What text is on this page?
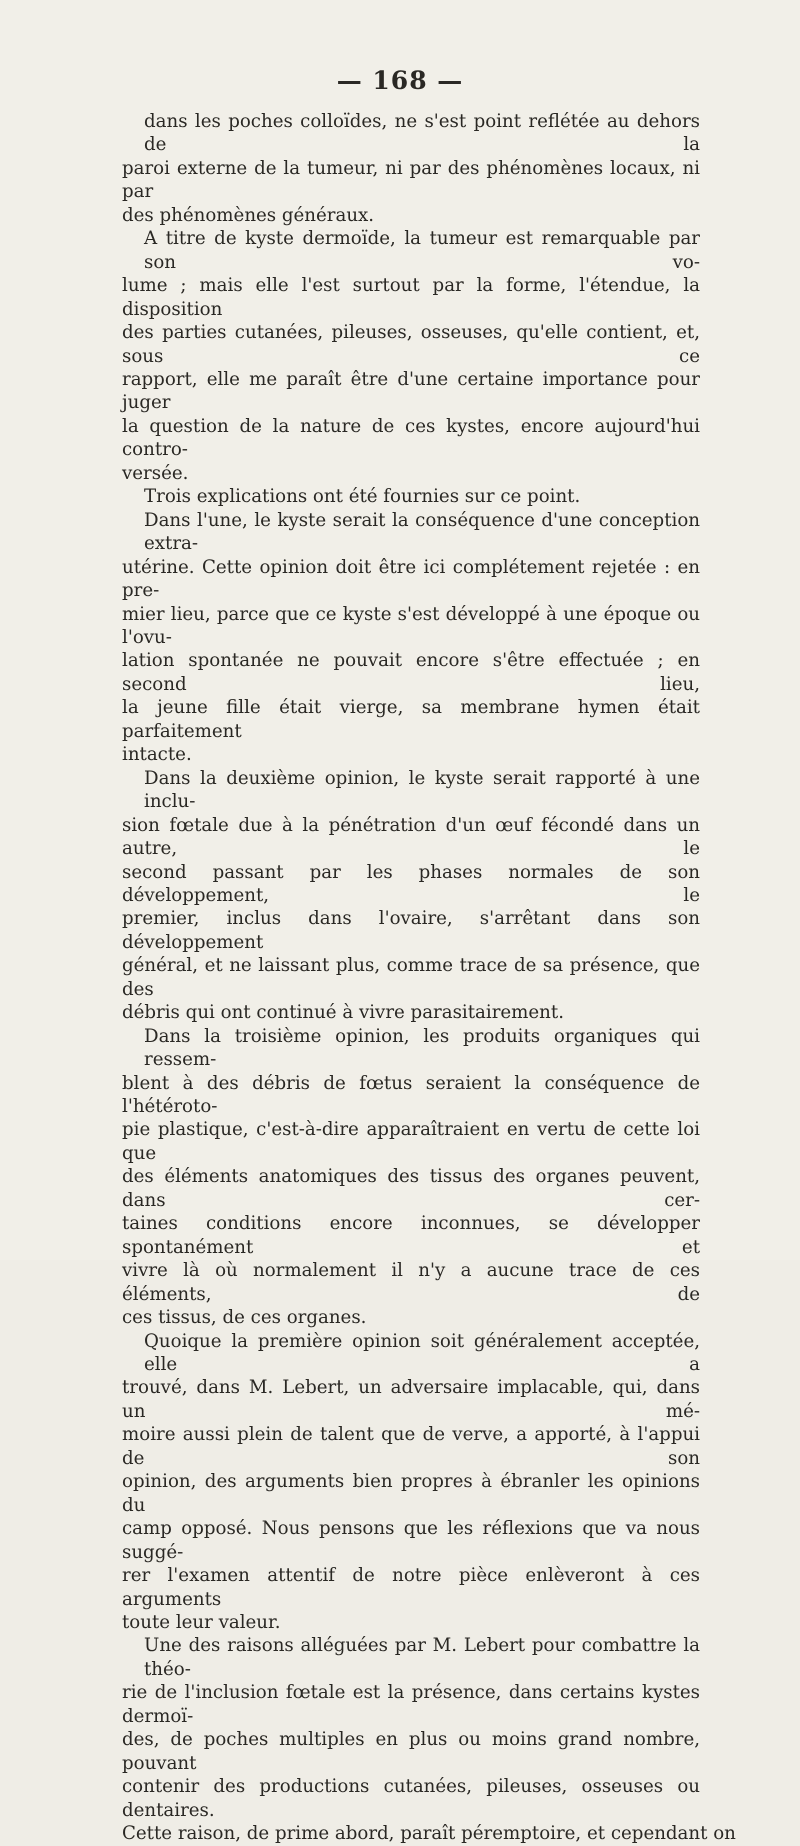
— 168 —
dans les poches colloïdes, ne s'est point reflétée au dehors de la
paroi externe de la tumeur, ni par des phénomènes locaux, ni par
des phénomènes généraux.
A titre de kyste dermoïde, la tumeur est remarquable par son vo-
lume ; mais elle l'est surtout par la forme, l'étendue, la disposition
des parties cutanées, pileuses, osseuses, qu'elle contient, et, sous ce
rapport, elle me paraît être d'une certaine importance pour juger
la question de la nature de ces kystes, encore aujourd'hui contro-
versée.
Trois explications ont été fournies sur ce point.
Dans l'une, le kyste serait la conséquence d'une conception extra-
utérine. Cette opinion doit être ici complétement rejetée : en pre-
mier lieu, parce que ce kyste s'est développé à une époque ou l'ovu-
lation spontanée ne pouvait encore s'être effectuée ; en second lieu,
la jeune fille était vierge, sa membrane hymen était parfaitement
intacte.
Dans la deuxième opinion, le kyste serait rapporté à une inclu-
sion fœtale due à la pénétration d'un œuf fécondé dans un autre, le
second passant par les phases normales de son développement, le
premier, inclus dans l'ovaire, s'arrêtant dans son développement
général, et ne laissant plus, comme trace de sa présence, que des
débris qui ont continué à vivre parasitairement.
Dans la troisième opinion, les produits organiques qui ressem-
blent à des débris de fœtus seraient la conséquence de l'hétéroto-
pie plastique, c'est-à-dire apparaîtraient en vertu de cette loi que
des éléments anatomiques des tissus des organes peuvent, dans cer-
taines conditions encore inconnues, se développer spontanément et
vivre là où normalement il n'y a aucune trace de ces éléments, de
ces tissus, de ces organes.
Quoique la première opinion soit généralement acceptée, elle a
trouvé, dans M. Lebert, un adversaire implacable, qui, dans un mé-
moire aussi plein de talent que de verve, a apporté, à l'appui de son
opinion, des arguments bien propres à ébranler les opinions du
camp opposé. Nous pensons que les réflexions que va nous suggé-
rer l'examen attentif de notre pièce enlèveront à ces arguments
toute leur valeur.
Une des raisons alléguées par M. Lebert pour combattre la théo-
rie de l'inclusion fœtale est la présence, dans certains kystes dermoï-
des, de poches multiples en plus ou moins grand nombre, pouvant
contenir des productions cutanées, pileuses, osseuses ou dentaires.
Cette raison, de prime abord, paraît péremptoire, et cependant on
